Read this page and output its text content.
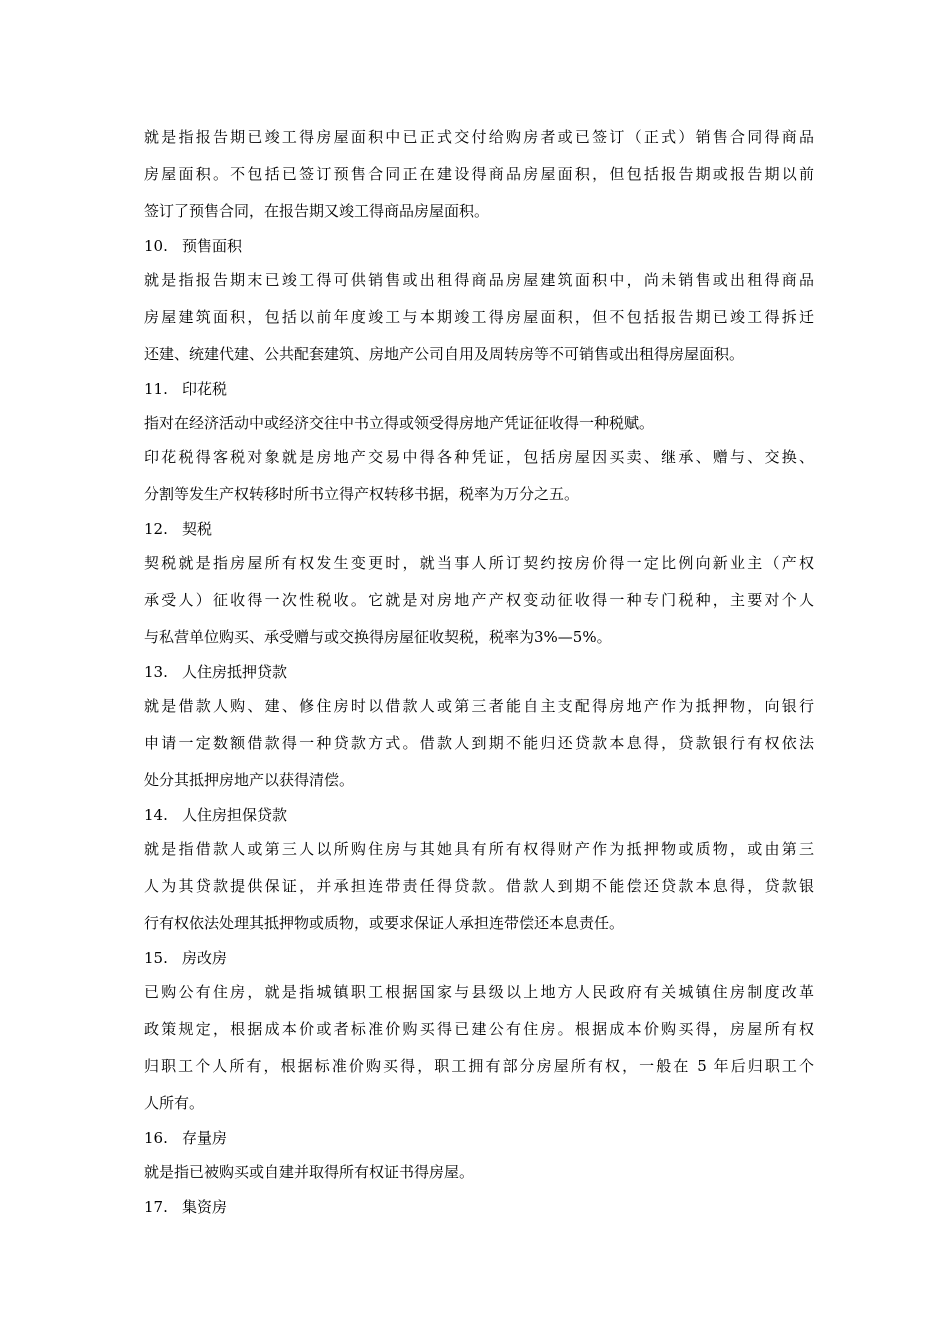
就是指报告期已竣工得房屋面积中已正式交付给购房者或已签订（正式）销售合同得商品
房屋面积。不包括已签订预售合同正在建设得商品房屋面积，但包括报告期或报告期以前
签订了预售合同，在报告期又竣工得商品房屋面积。
10. 预售面积
就是指报告期末已竣工得可供销售或出租得商品房屋建筑面积中，尚未销售或出租得商品
房屋建筑面积，包括以前年度竣工与本期竣工得房屋面积，但不包括报告期已竣工得拆迁
还建、统建代建、公共配套建筑、房地产公司自用及周转房等不可销售或出租得房屋面积。
11. 印花税
指对在经济活动中或经济交往中书立得或领受得房地产凭证征收得一种税赋。
印花税得客税对象就是房地产交易中得各种凭证，包括房屋因买卖、继承、赠与、交换、
分割等发生产权转移时所书立得产权转移书据，税率为万分之五。
12. 契税
契税就是指房屋所有权发生变更时，就当事人所订契约按房价得一定比例向新业主（产权
承受人）征收得一次性税收。它就是对房地产产权变动征收得一种专门税种，主要对个人
与私营单位购买、承受赠与或交换得房屋征收契税，税率为3%—5%。
13. 人住房抵押贷款
就是借款人购、建、修住房时以借款人或第三者能自主支配得房地产作为抵押物，向银行
申请一定数额借款得一种贷款方式。借款人到期不能归还贷款本息得，贷款银行有权依法
处分其抵押房地产以获得清偿。
14. 人住房担保贷款
就是指借款人或第三人以所购住房与其她具有所有权得财产作为抵押物或质物，或由第三
人为其贷款提供保证，并承担连带责任得贷款。借款人到期不能偿还贷款本息得，贷款银
行有权依法处理其抵押物或质物，或要求保证人承担连带偿还本息责任。
15. 房改房
已购公有住房，就是指城镇职工根据国家与县级以上地方人民政府有关城镇住房制度改革
政策规定，根据成本价或者标准价购买得已建公有住房。根据成本价购买得，房屋所有权
归职工个人所有，根据标准价购买得，职工拥有部分房屋所有权，一般在 5 年后归职工个
人所有。
16. 存量房
就是指已被购买或自建并取得所有权证书得房屋。
17. 集资房
